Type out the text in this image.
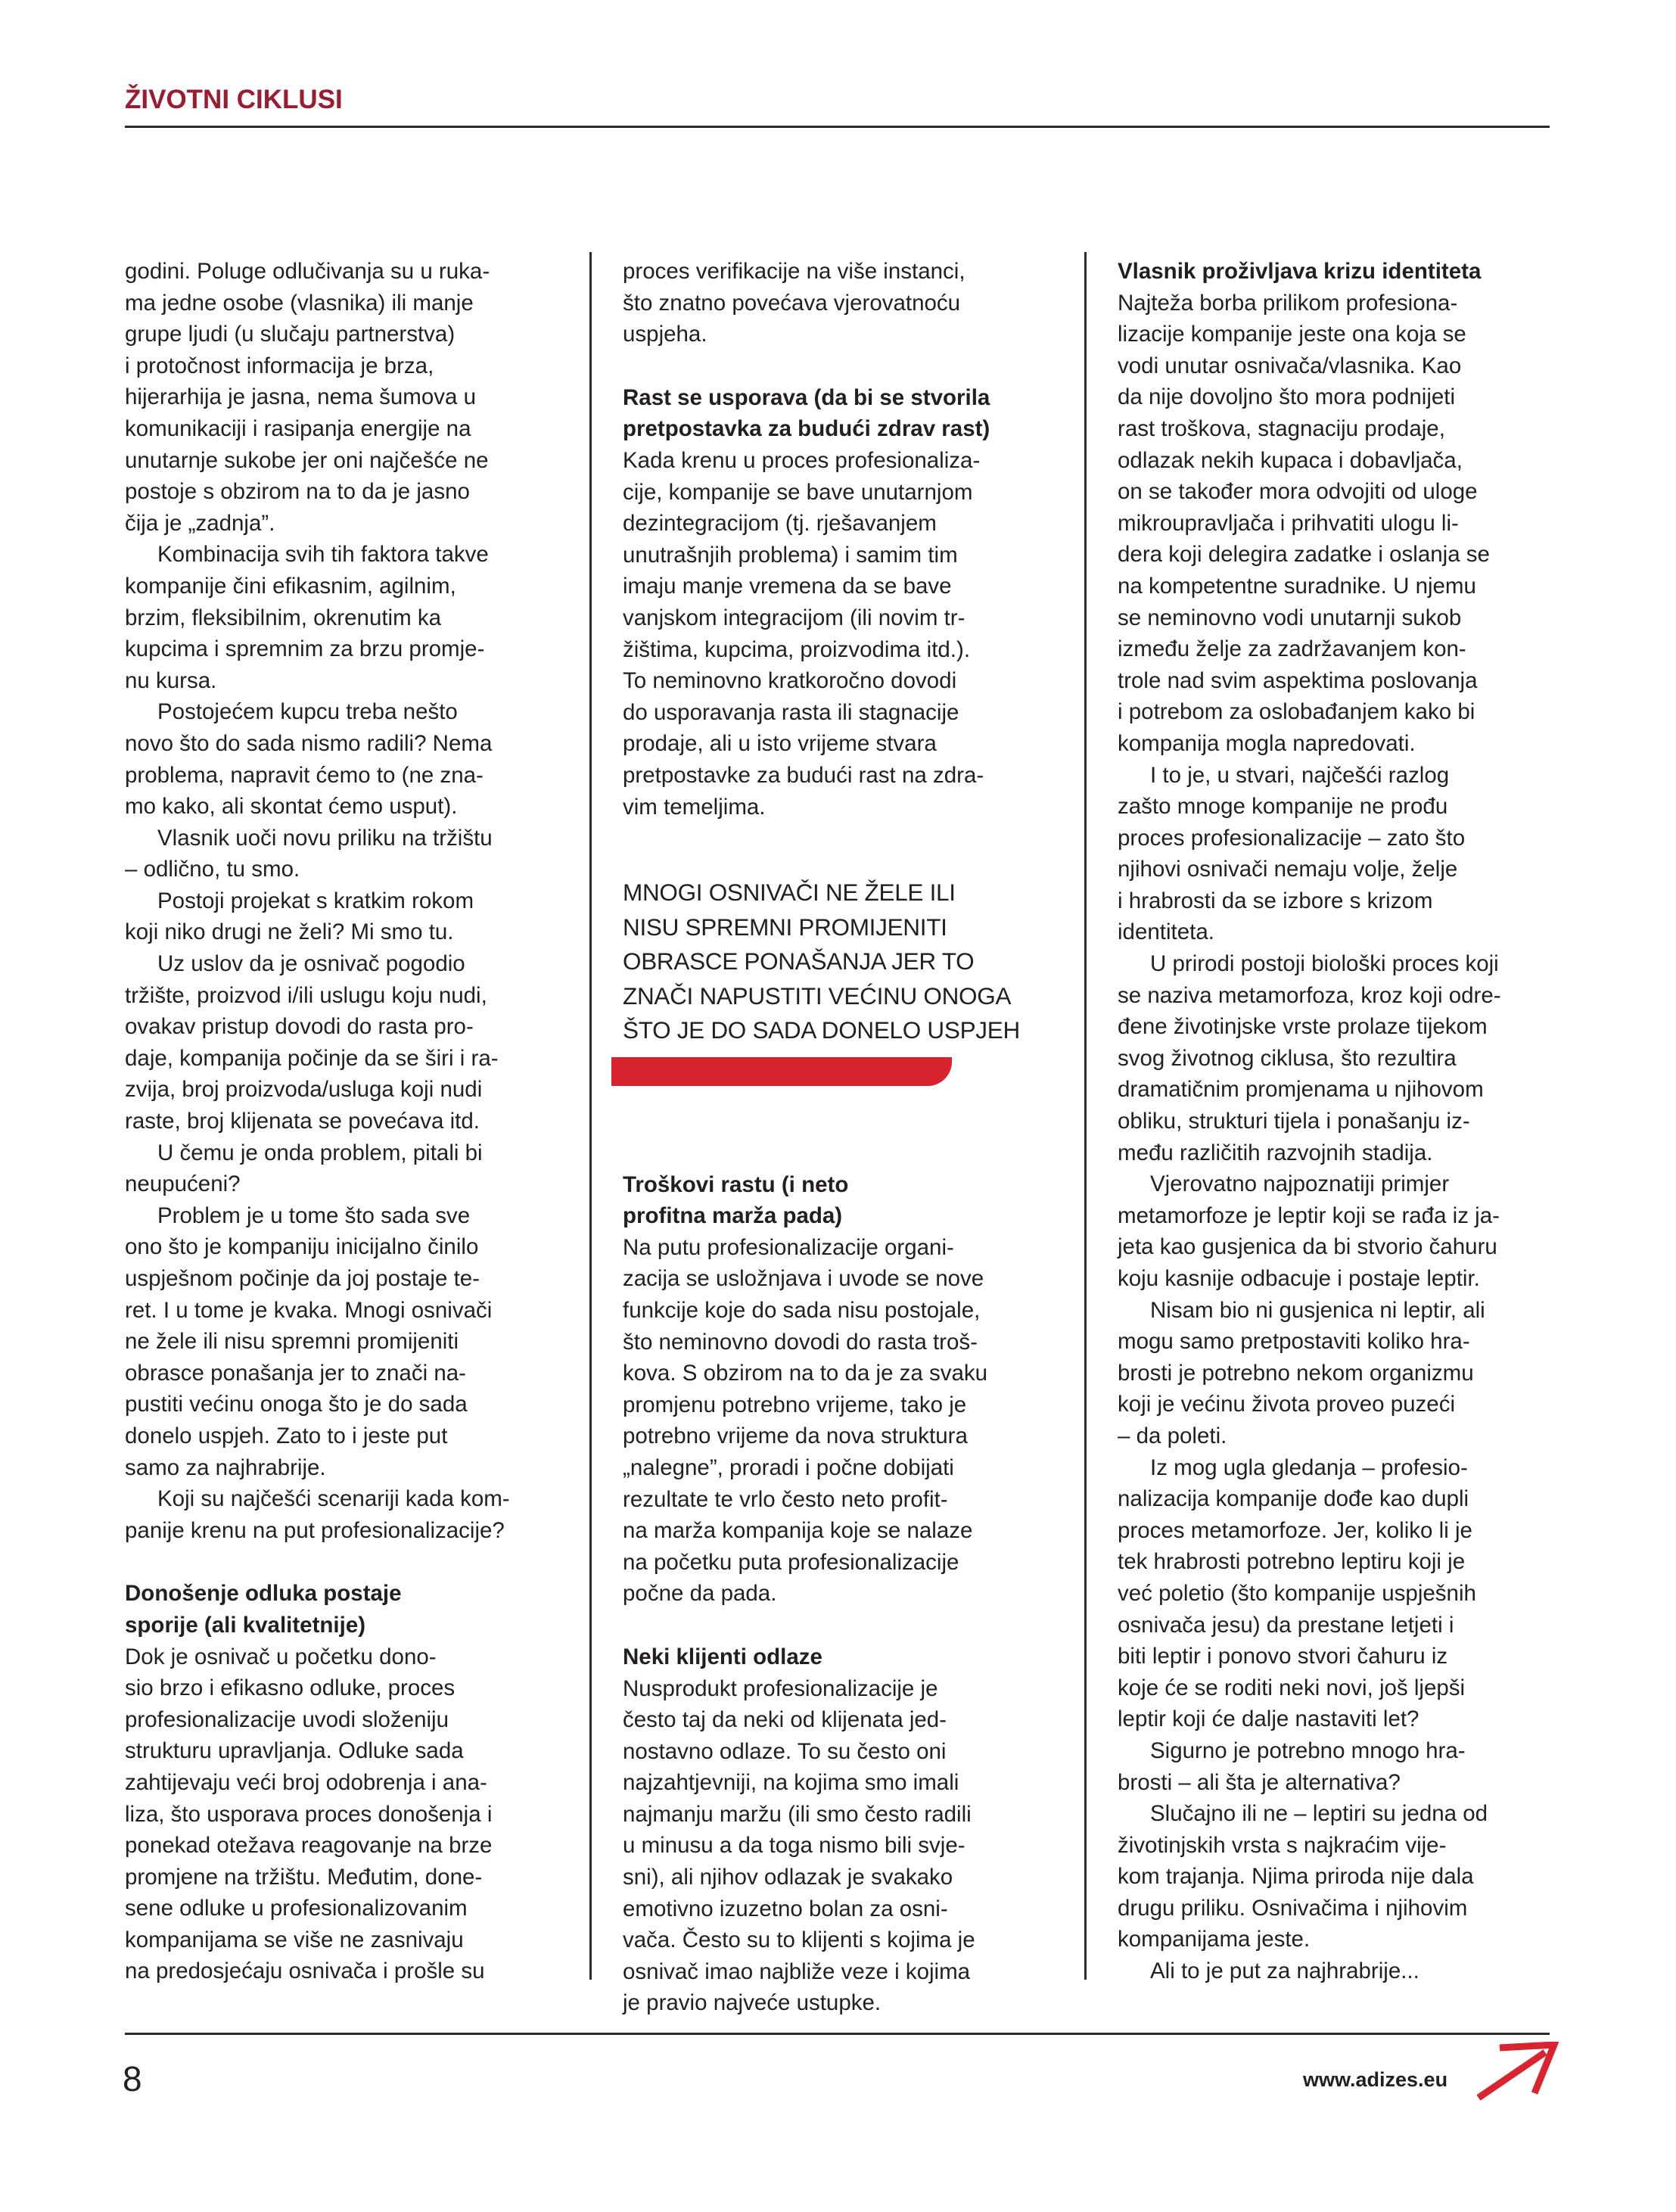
ŽIVOTNI CIKLUSI
godini. Poluge odlučivanja su u ruka-
ma jedne osobe (vlasnika) ili manje
grupe ljudi (u slučaju partnerstva)
i protočnost informacija je brza,
hijerarhija je jasna, nema šumova u
komunikaciji i rasipanja energije na
unutarnje sukobe jer oni najčešće ne
postoje s obzirom na to da je jasno
čija je „zadnja”.
Kombinacija svih tih faktora takve
kompanije čini efikasnim, agilnim,
brzim, fleksibilnim, okrenutim ka
kupcima i spremnim za brzu promje-
nu kursa.
Postojećem kupcu treba nešto
novo što do sada nismo radili? Nema
problema, napravit ćemo to (ne zna-
mo kako, ali skontat ćemo usput).
Vlasnik uoči novu priliku na tržištu
– odlično, tu smo.
Postoji projekat s kratkim rokom
koji niko drugi ne želi? Mi smo tu.
Uz uslov da je osnivač pogodio
tržište, proizvod i/ili uslugu koju nudi,
ovakav pristup dovodi do rasta pro-
daje, kompanija počinje da se širi i ra-
zvija, broj proizvoda/usluga koji nudi
raste, broj klijenata se povećava itd.
U čemu je onda problem, pitali bi
neupućeni?
Problem je u tome što sada sve
ono što je kompaniju inicijalno činilo
uspješnom počinje da joj postaje te-
ret. I u tome je kvaka. Mnogi osnivači
ne žele ili nisu spremni promijeniti
obrasce ponašanja jer to znači na-
pustiti većinu onoga što je do sada
donelo uspjeh. Zato to i jeste put
samo za najhrabrije.
Koji su najčešći scenariji kada kom-
panije krenu na put profesionalizacije?
Donošenje odluka postaje
sporije (ali kvalitetnije)
Dok je osnivač u početku dono-
sio brzo i efikasno odluke, proces
profesionalizacije uvodi složeniju
strukturu upravljanja. Odluke sada
zahtijevaju veći broj odobrenja i ana-
liza, što usporava proces donošenja i
ponekad otežava reagovanje na brze
promjene na tržištu. Međutim, done-
sene odluke u profesionalizovanim
kompanijama se više ne zasnivaju
na predosjećaju osnivača i prošle su
proces verifikacije na više instanci,
što znatno povećava vjerovatnoću
uspjeha.
Rast se usporava (da bi se stvorila
pretpostavka za budući zdrav rast)
Kada krenu u proces profesionaliza-
cije, kompanije se bave unutarnjom
dezintegracijom (tj. rješavanjem
unutrašnjih problema) i samim tim
imaju manje vremena da se bave
vanjskom integracijom (ili novim tr-
žištima, kupcima, proizvodima itd.).
To neminovno kratkoročno dovodi
do usporavanja rasta ili stagnacije
prodaje, ali u isto vrijeme stvara
pretpostavke za budući rast na zdra-
vim temeljima.
MNOGI OSNIVAČI NE ŽELE ILI
NISU SPREMNI PROMIJENITI
OBRASCE PONAŠANJA JER TO
ZNAČI NAPUSTITI VEĆINU ONOGA
ŠTO JE DO SADA DONELO USPJEH
Troškovi rastu (i neto
profitna marža pada)
Na putu profesionalizacije organi-
zacija se usložnjava i uvode se nove
funkcije koje do sada nisu postojale,
što neminovno dovodi do rasta troš-
kova. S obzirom na to da je za svaku
promjenu potrebno vrijeme, tako je
potrebno vrijeme da nova struktura
„nalegne”, proradi i počne dobijati
rezultate te vrlo često neto profit-
na marža kompanija koje se nalaze
na početku puta profesionalizacije
počne da pada.
Neki klijenti odlaze
Nusprodukt profesionalizacije je
često taj da neki od klijenata jed-
nostavno odlaze. To su često oni
najzahtjevniji, na kojima smo imali
najmanju maržu (ili smo često radili
u minusu a da toga nismo bili svje-
sni), ali njihov odlazak je svakako
emotivno izuzetno bolan za osni-
vača. Često su to klijenti s kojima je
osnivač imao najbliže veze i kojima
je pravio najveće ustupke.
Vlasnik proživljava krizu identiteta
Najteža borba prilikom profesiona-
lizacije kompanije jeste ona koja se
vodi unutar osnivača/vlasnika. Kao
da nije dovoljno što mora podnijeti
rast troškova, stagnaciju prodaje,
odlazak nekih kupaca i dobavljača,
on se također mora odvojiti od uloge
mikroupravljača i prihvatiti ulogu li-
dera koji delegira zadatke i oslanja se
na kompetentne suradnike. U njemu
se neminovno vodi unutarnji sukob
između želje za zadržavanjem kon-
trole nad svim aspektima poslovanja
i potrebom za oslobađanjem kako bi
kompanija mogla napredovati.
I to je, u stvari, najčešći razlog
zašto mnoge kompanije ne prođu
proces profesionalizacije – zato što
njihovi osnivači nemaju volje, želje
i hrabrosti da se izbore s krizom
identiteta.
U prirodi postoji biološki proces koji
se naziva metamorfoza, kroz koji odre-
đene životinjske vrste prolaze tijekom
svog životnog ciklusa, što rezultira
dramatičnim promjenama u njihovom
obliku, strukturi tijela i ponašanju iz-
među različitih razvojnih stadija.
Vjerovatno najpoznatiji primjer
metamorfoze je leptir koji se rađa iz ja-
jeta kao gusjenica da bi stvorio čahuru
koju kasnije odbacuje i postaje leptir.
Nisam bio ni gusjenica ni leptir, ali
mogu samo pretpostaviti koliko hra-
brosti je potrebno nekom organizmu
koji je većinu života proveo puzeći
– da poleti.
Iz mog ugla gledanja – profesio-
nalizacija kompanije dođe kao dupli
proces metamorfoze. Jer, koliko li je
tek hrabrosti potrebno leptiru koji je
već poletio (što kompanije uspješnih
osnivača jesu) da prestane letjeti i
biti leptir i ponovo stvori čahuru iz
koje će se roditi neki novi, još ljepši
leptir koji će dalje nastaviti let?
Sigurno je potrebno mnogo hra-
brosti – ali šta je alternativa?
Slučajno ili ne – leptiri su jedna od
životinjskih vrsta s najkraćim vije-
kom trajanja. Njima priroda nije dala
drugu priliku. Osnivačima i njihovim
kompanijama jeste.
Ali to je put za najhrabrije...
8	www.adizes.eu
